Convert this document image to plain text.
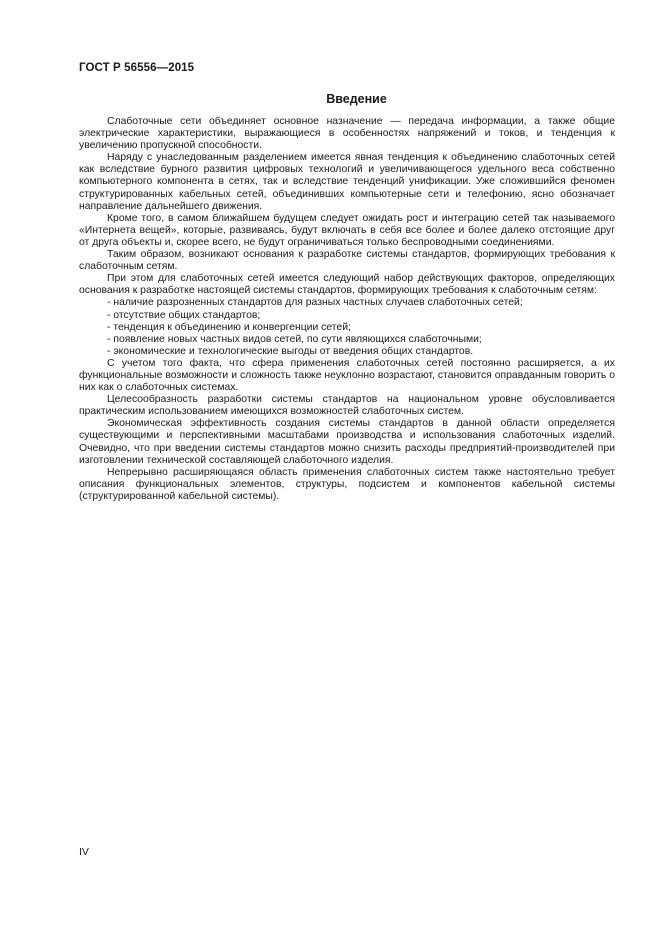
ГОСТ Р 56556—2015
Введение

Слаботочные сети объединяет основное назначение — передача информации, а также общие электрические характеристики, выражающиеся в особенностях напряжений и токов, и тенденция к увеличению пропускной способности.

Наряду с унаследованным разделением имеется явная тенденция к объединению слаботочных сетей как вследствие бурного развития цифровых технологий и увеличивающегося удельного веса собственно компьютерного компонента в сетях, так и вследствие тенденций унификации. Уже сложившийся феномен структурированных кабельных сетей, объединивших компьютерные сети и телефонию, ясно обозначает направление дальнейшего движения.

Кроме того, в самом ближайшем будущем следует ожидать рост и интеграцию сетей так называемого «Интернета вещей», которые, развиваясь, будут включать в себя все более и более далеко отстоящие друг от друга объекты и, скорее всего, не будут ограничиваться только беспроводными соединениями.

Таким образом, возникают основания к разработке системы стандартов, формирующих требования к слаботочным сетям.

При этом для слаботочных сетей имеется следующий набор действующих факторов, определяющих основания к разработке настоящей системы стандартов, формирующих требования к слаботочным сетям:

- наличие разрозненных стандартов для разных частных случаев слаботочных сетей;
- отсутствие общих стандартов;
- тенденция к объединению и конвергенции сетей;
- появление новых частных видов сетей, по сути являющихся слаботочными;
- экономические и технологические выгоды от введения общих стандартов.

С учетом того факта, что сфера применения слаботочных сетей постоянно расширяется, а их функциональные возможности и сложность также неуклонно возрастают, становится оправданным говорить о них как о слаботочных системах.

Целесообразность разработки системы стандартов на национальном уровне обусловливается практическим использованием имеющихся возможностей слаботочных систем.

Экономическая эффективность создания системы стандартов в данной области определяется существующими и перспективными масштабами производства и использования слаботочных изделий. Очевидно, что при введении системы стандартов можно снизить расходы предприятий-производителей при изготовлении технической составляющей слаботочного изделия.

Непрерывно расширяющаяся область применения слаботочных систем также настоятельно требует описания функциональных элементов, структуры, подсистем и компонентов кабельной системы (структурированной кабельной системы).

IV
